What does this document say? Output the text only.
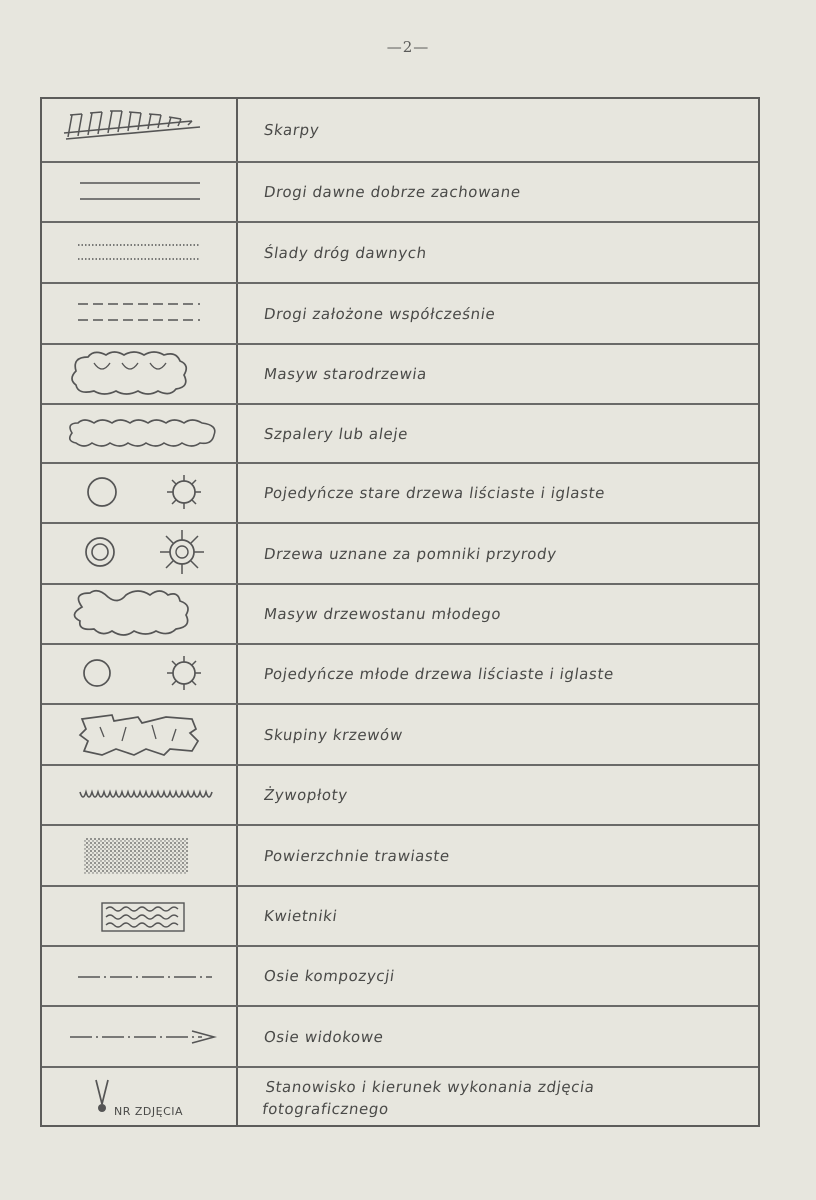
—2—
Skarpy
Drogi dawne dobrze zachowane
Ślady dróg dawnych
Drogi założone współcześnie
Masyw starodrzewia
Szpalery lub aleje
Pojedyńcze stare drzewa liściaste i iglaste
Drzewa uznane za pomniki przyrody
Masyw drzewostanu młodego
Pojedyńcze młode drzewa liściaste i iglaste
Skupiny krzewów
Żywopłoty
Powierzchnie trawiaste
Kwietniki
Osie kompozycji
Osie widokowe
NR ZDJĘCIA
Stanowisko i kierunek wykonania zdjęcia fotograficznego
